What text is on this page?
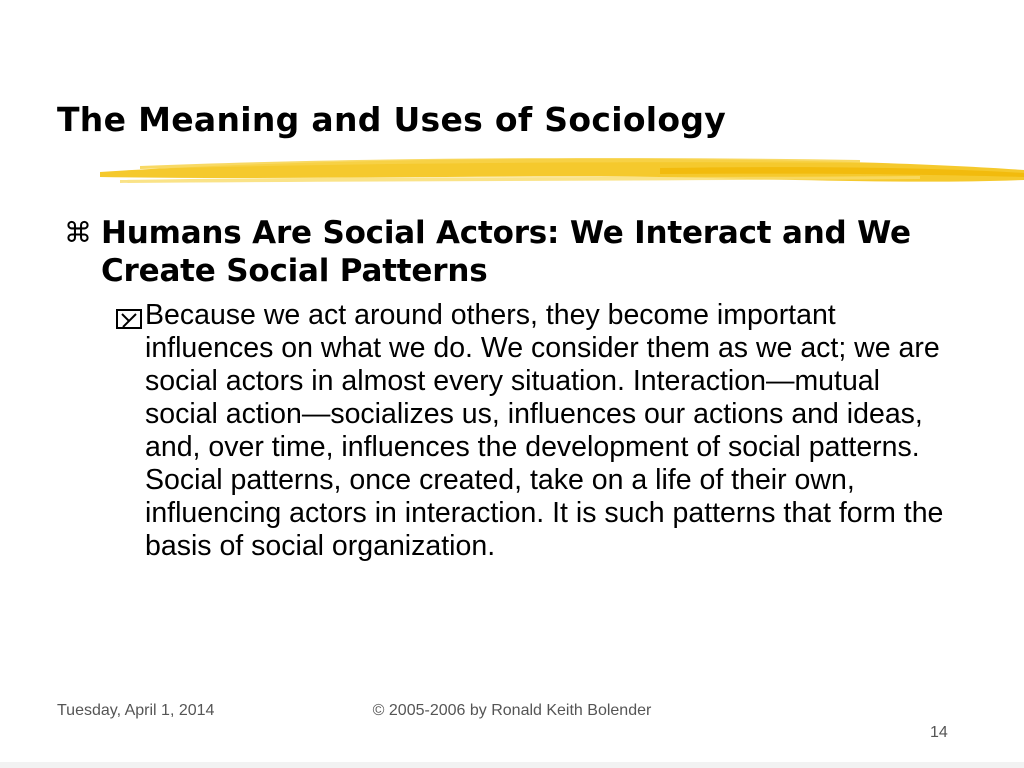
The Meaning and Uses of Sociology
⌘ Humans Are Social Actors: We Interact and We Create Social Patterns
Because we act around others, they become important influences on what we do. We consider them as we act; we are social actors in almost every situation. Interaction—mutual social action—socializes us, influences our actions and ideas, and, over time, influences the development of social patterns. Social patterns, once created, take on a life of their own, influencing actors in interaction. It is such patterns that form the basis of social organization.
Tuesday, April 1, 2014	© 2005-2006 by Ronald Keith Bolender
14
